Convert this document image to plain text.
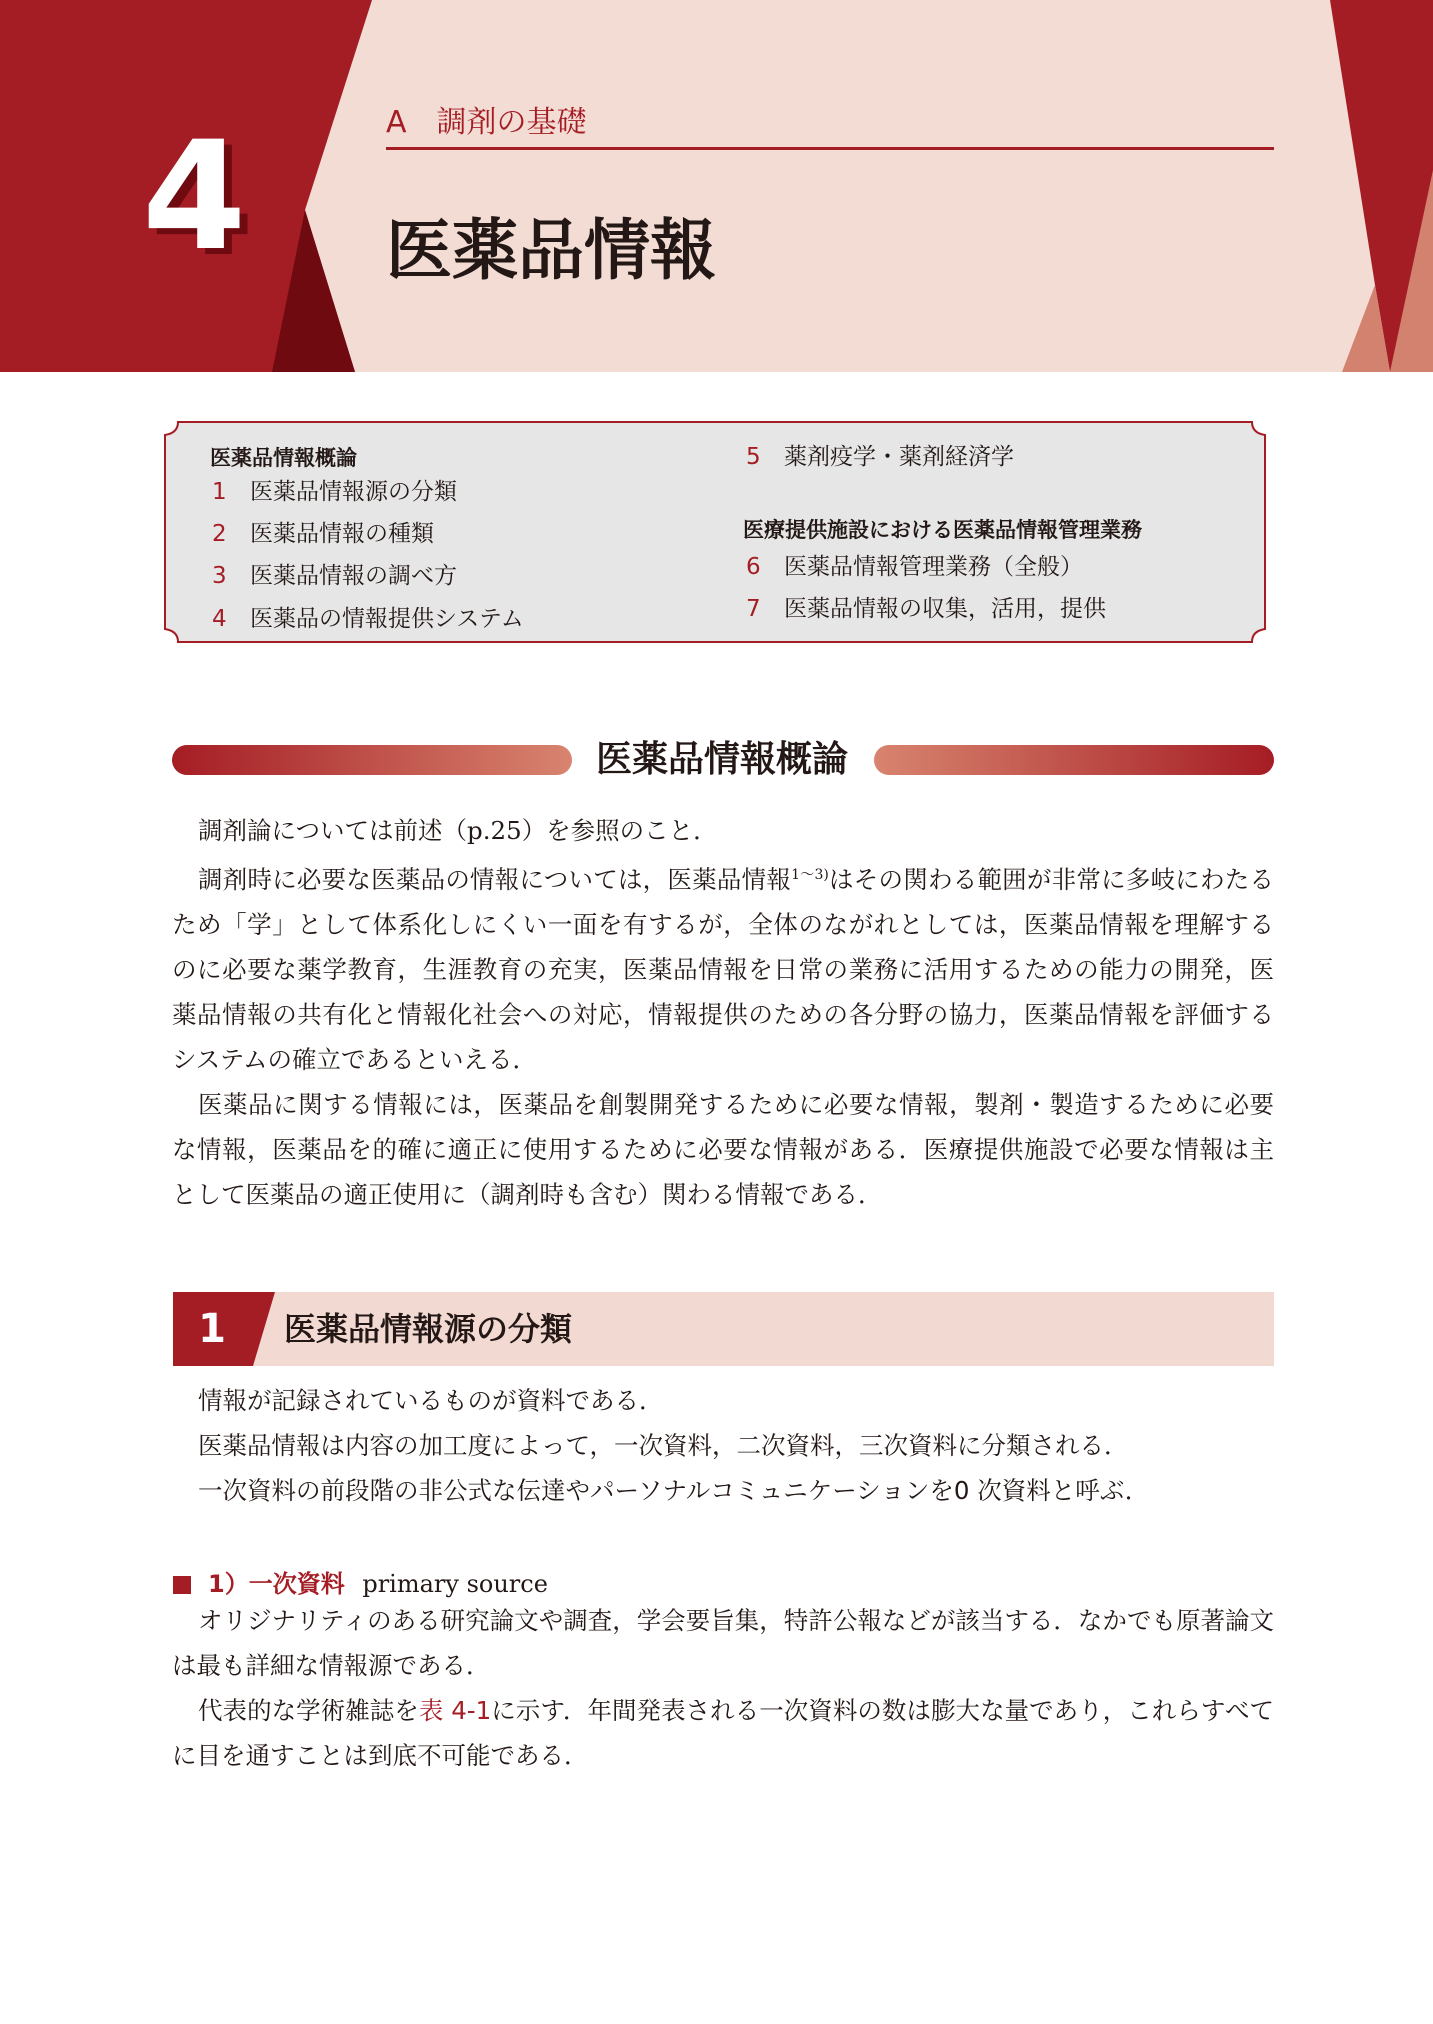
4	A　調剤の基礎
医薬品情報
医薬品情報概論
1 医薬品情報源の分類
2 医薬品情報の種類
3 医薬品情報の調べ方
4 医薬品の情報提供システム
5 薬剤疫学・薬剤経済学
医療提供施設における医薬品情報管理業務
6 医薬品情報管理業務（全般）
7 医薬品情報の収集，活用，提供
医薬品情報概論

調剤論については前述（p.25）を参照のこと．

調剤時に必要な医薬品の情報については，医薬品情報$^{1〜3)}$はその関わる範囲が非常に多岐にわたるため「学」として体系化しにくい一面を有するが，全体のながれとしては，医薬品情報を理解するのに必要な薬学教育，生涯教育の充実，医薬品情報を日常の業務に活用するための能力の開発，医薬品情報の共有化と情報化社会への対応，情報提供のための各分野の協力，医薬品情報を評価するシステムの確立であるといえる．

医薬品に関する情報には，医薬品を創製開発するために必要な情報，製剤・製造するために必要な情報，医薬品を的確に適正に使用するために必要な情報がある．医療提供施設で必要な情報は主として医薬品の適正使用に（調剤時も含む）関わる情報である．

1	医薬品情報源の分類

情報が記録されているものが資料である．

医薬品情報は内容の加工度によって，一次資料，二次資料，三次資料に分類される．

一次資料の前段階の非公式な伝達やパーソナルコミュニケーションを0 次資料と呼ぶ．

1）一次資料 primary source

オリジナリティのある研究論文や調査，学会要旨集，特許公報などが該当する．なかでも原著論文は最も詳細な情報源である．

代表的な学術雑誌を表 4-1に示す．年間発表される一次資料の数は膨大な量であり，これらすべてに目を通すことは到底不可能である．
